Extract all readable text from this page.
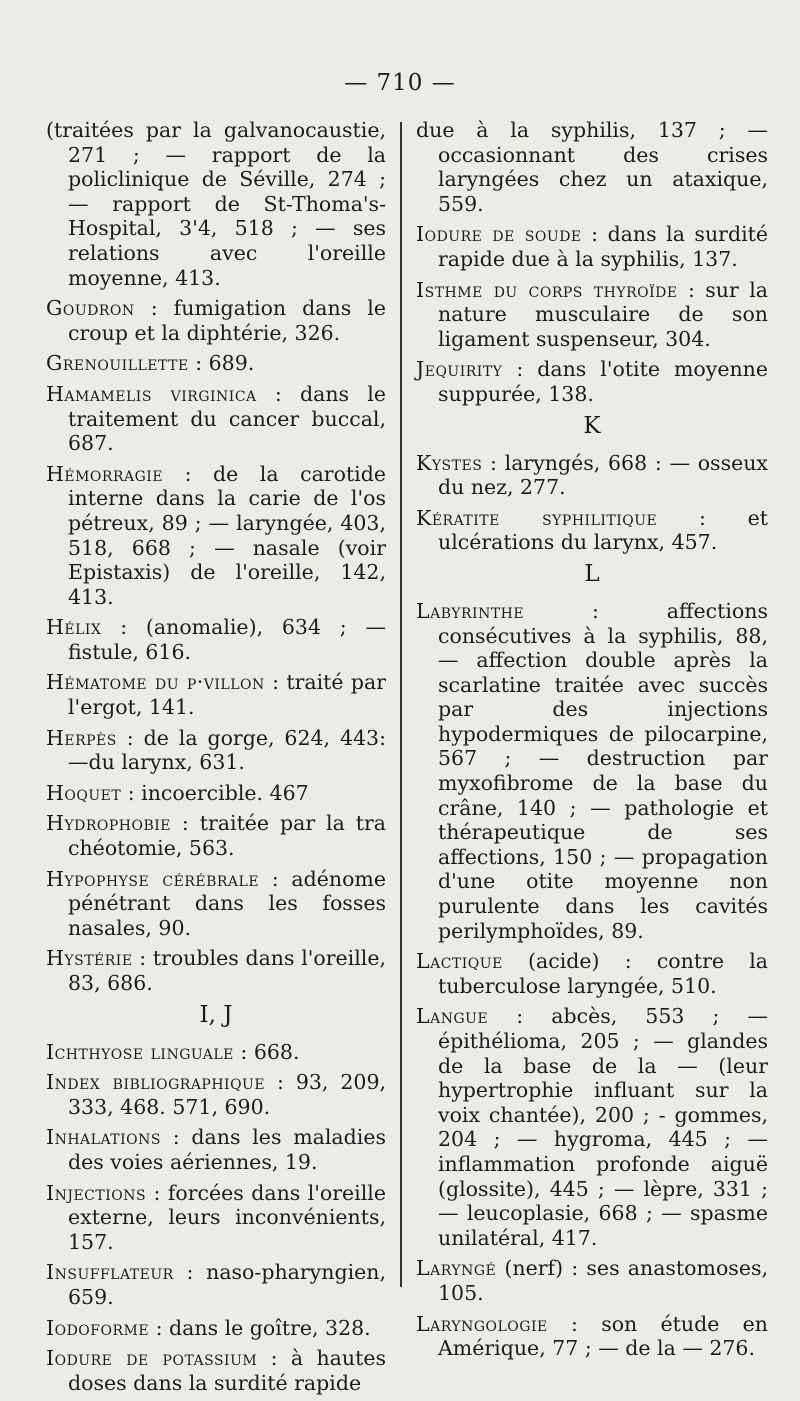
— 710 —
(traitées par la galvanocaustie, 271 ; — rapport de la policlinique de Séville, 274 ; — rapport de St-Thoma's-Hospital, 3'4, 518 ; — ses relations avec l'oreille moyenne, 413.
Goudron : fumigation dans le croup et la diphtérie, 326.
Grenouillette : 689.
Hamamelis virginica : dans le traitement du cancer buccal, 687.
Hémorragie : de la carotide interne dans la carie de l'os pétreux, 89 ; — laryngée, 403, 518, 668 ; — nasale (voir Epistaxis) de l'oreille, 142, 413.
Hélix : (anomalie), 634 ; — fistule, 616.
Hématome du p·villon : traité par l'ergot, 141.
Herpès : de la gorge, 624, 443: —du larynx, 631.
Hoquet : incoercible. 467
Hydrophobie : traitée par la tra chéotomie, 563.
Hypophyse cérébrale : adénome pénétrant dans les fosses nasales, 90.
Hystérie : troubles dans l'oreille, 83, 686.
I, J
Ichthyose linguale : 668.
Index bibliographique : 93, 209, 333, 468. 571, 690.
Inhalations : dans les maladies des voies aériennes, 19.
Injections : forcées dans l'oreille externe, leurs inconvénients, 157.
Insufflateur : naso-pharyngien, 659.
Iodoforme : dans le goître, 328.
Iodure de potassium : à hautes doses dans la surdité rapide
due à la syphilis, 137 ; — occasionnant des crises laryngées chez un ataxique, 559.
Iodure de soude : dans la surdité rapide due à la syphilis, 137.
Isthme du corps thyroïde : sur la nature musculaire de son ligament suspenseur, 304.
Jequirity : dans l'otite moyenne suppurée, 138.
K
Kystes : laryngés, 668 : — osseux du nez, 277.
Kératite syphilitique : et ulcérations du larynx, 457.
L
Labyrinthe : affections consécutives à la syphilis, 88, — affection double après la scarlatine traitée avec succès par des injections hypodermiques de pilocarpine, 567 ; — destruction par myxofibrome de la base du crâne, 140 ; — pathologie et thérapeutique de ses affections, 150 ; — propagation d'une otite moyenne non purulente dans les cavités perilymphoïdes, 89.
Lactique (acide) : contre la tuberculose laryngée, 510.
Langue : abcès, 553 ; — épithélioma, 205 ; — glandes de la base de la — (leur hypertrophie influant sur la voix chantée), 200 ; - gommes, 204 ; — hygroma, 445 ; — inflammation profonde aiguë (glossite), 445 ; — lèpre, 331 ; — leucoplasie, 668 ; — spasme unilatéral, 417.
Laryngé (nerf) : ses anastomoses, 105.
Laryngologie : son étude en Amérique, 77 ; — de la — 276.
